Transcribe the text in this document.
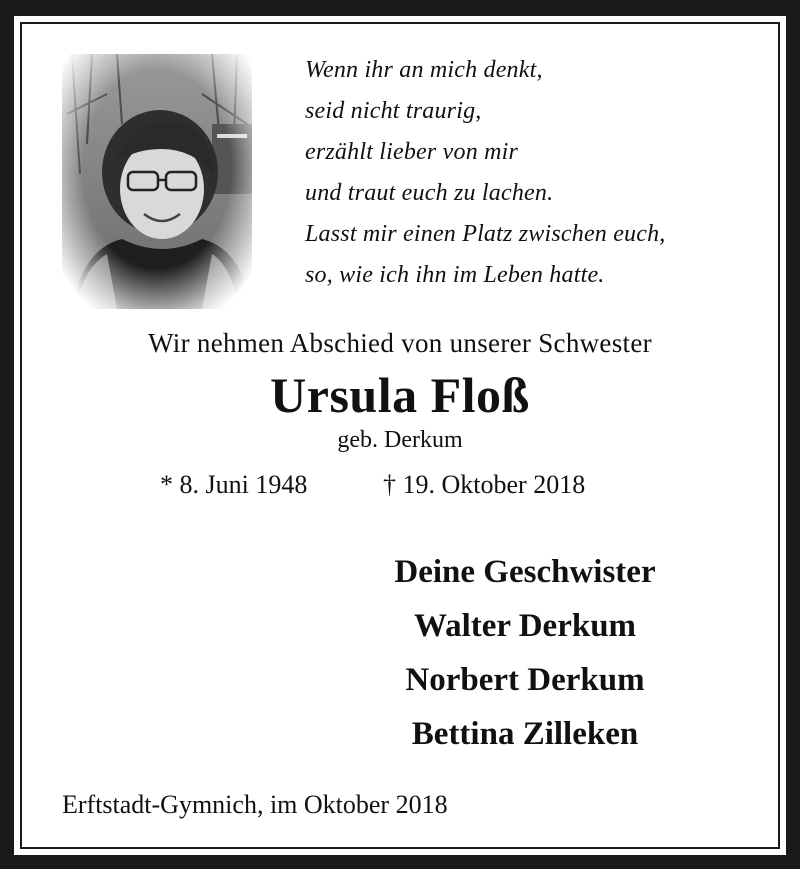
Wenn ihr an mich denkt,
seid nicht traurig,
erzählt lieber von mir
und traut euch zu lachen.
Lasst mir einen Platz zwischen euch,
so, wie ich ihn im Leben hatte.
Wir nehmen Abschied von unserer Schwester
Ursula Floß
geb. Derkum
* 8. Juni 1948	† 19. Oktober 2018
Deine Geschwister
Walter Derkum
Norbert Derkum
Bettina Zilleken
Erftstadt-Gymnich, im Oktober 2018
